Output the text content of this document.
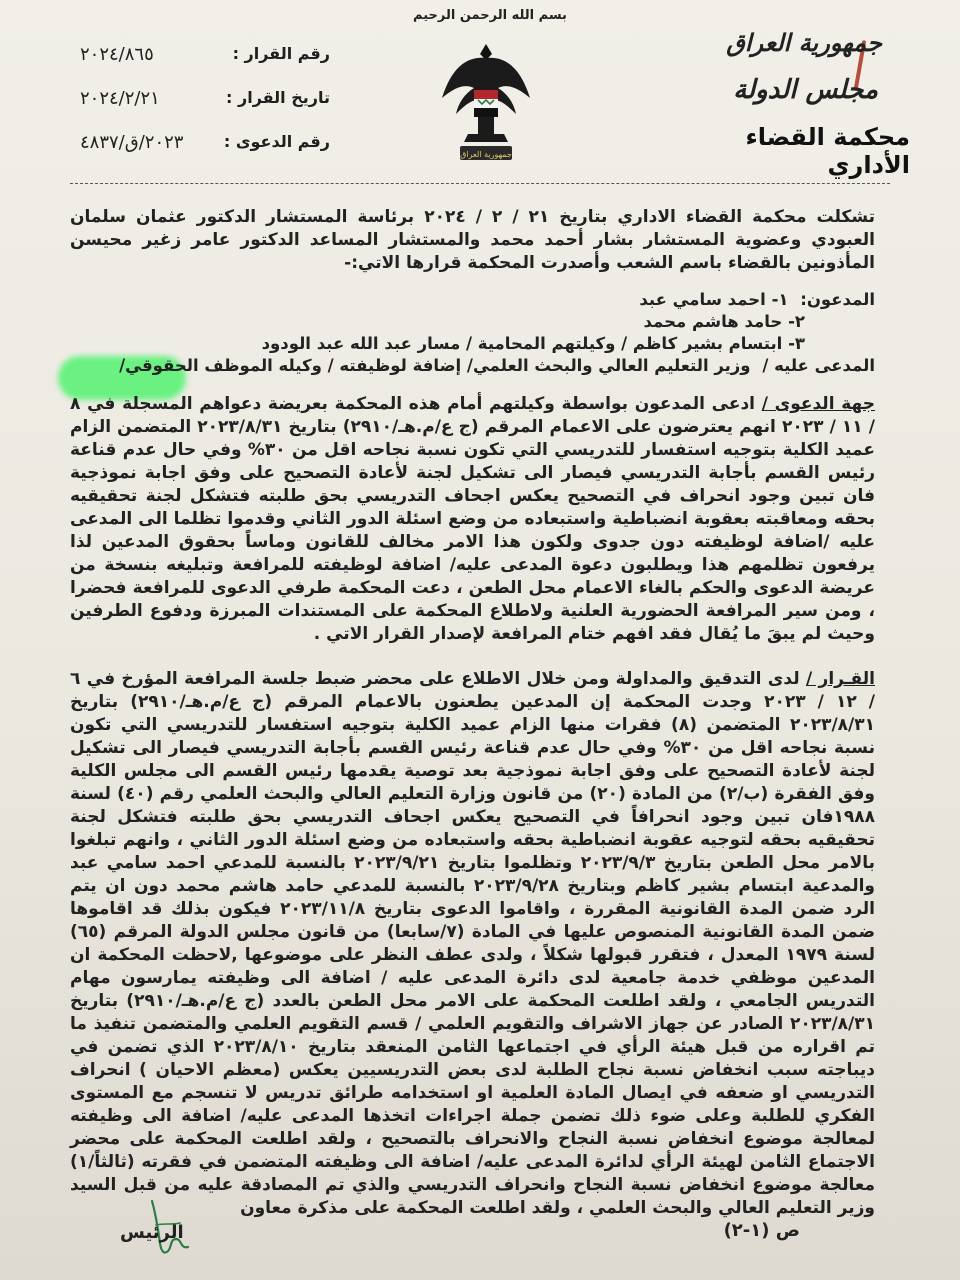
بسم الله الرحمن الرحيم
جمهورية العراق
مجلس الدولة
محكمة القضاء الأداري
جمهورية العراق
رقم القرار :
٢٠٢٤/٨٦٥
تاريخ القرار :
٢٠٢٤/٢/٢١
رقم الدعوى :
٢٠٢٣/ق/٤٨٣٧

تشكلت محكمة القضاء الاداري بتاريخ ٢١ / ٢ / ٢٠٢٤ برئاسة المستشار الدكتور عثمان سلمان العبودي وعضوية المستشار بشار أحمد محمد والمستشار المساعد الدكتور عامر زغير محيسن المأذونين بالقضاء باسم الشعب وأصدرت المحكمة قرارها الاتي:-

المدعون: ١- احمد سامي عبد

٢- حامد هاشم محمد

٣- ابتسام بشير كاظم / وكيلتهم المحامية / مسار عبد الله عبد الودود

المدعى عليه / وزير التعليم العالي والبحث العلمي/ إضافة لوظيفته / وكيله الموظف الحقوقي/

جهة الدعوى / ادعى المدعون بواسطة وكيلتهم أمام هذه المحكمة بعريضة دعواهم المسجلة في ٨ / ١١ / ٢٠٢٣ انهم يعترضون على الاعمام المرقم (ج ع/م.هـ/٢٩١٠) بتاريخ ٢٠٢٣/٨/٣١ المتضمن الزام عميد الكلية بتوجيه استفسار للتدريسي التي تكون نسبة نجاحه اقل من ٣٠% وفي حال عدم قناعة رئيس القسم بأجابة التدريسي فيصار الى تشكيل لجنة لأعادة التصحيح على وفق اجابة نموذجية فان تبين وجود انحراف في التصحيح يعكس اجحاف التدريسي بحق طلبته فتشكل لجنة تحقيقيه بحقه ومعاقبته بعقوبة انضباطية واستبعاده من وضع اسئلة الدور الثاني وقدموا تظلما الى المدعى عليه /اضافة لوظيفته دون جدوى ولكون هذا الامر مخالف للقانون وماساً بحقوق المدعين لذا يرفعون تظلمهم هذا ويطلبون دعوة المدعى عليه/ اضافة لوظيفته للمرافعة وتبليغه بنسخة من عريضة الدعوى والحكم بالغاء الاعمام محل الطعن ، دعت المحكمة طرفي الدعوى للمرافعة فحضرا ، ومن سير المرافعة الحضورية العلنية ولاطلاع المحكمة على المستندات المبرزة ودفوع الطرفين وحيث لم يبقَ ما يُقال فقد افهم ختام المرافعة لإصدار القرار الاتي .

القـرار / لدى التدقيق والمداولة ومن خلال الاطلاع على محضر ضبط جلسة المرافعة المؤرخ في ٦ / ١٢ / ٢٠٢٣ وجدت المحكمة إن المدعين يطعنون بالاعمام المرقم (ج ع/م.هـ/٢٩١٠) بتاريخ ٢٠٢٣/٨/٣١ المتضمن (٨) فقرات منها الزام عميد الكلية بتوجيه استفسار للتدريسي التي تكون نسبة نجاحه اقل من ٣٠% وفي حال عدم قناعة رئيس القسم بأجابة التدريسي فيصار الى تشكيل لجنة لأعادة التصحيح على وفق اجابة نموذجية بعد توصية يقدمها رئيس القسم الى مجلس الكلية وفق الفقرة (ب/٢) من المادة (٢٠) من قانون وزارة التعليم العالي والبحث العلمي رقم (٤٠) لسنة ١٩٨٨فان تبين وجود انحرافاً في التصحيح يعكس اجحاف التدريسي بحق طلبته فتشكل لجنة تحقيقيه بحقه لتوجيه عقوبة انضباطية بحقه واستبعاده من وضع اسئلة الدور الثاني ، وانهم تبلغوا بالامر محل الطعن بتاريخ ٢٠٢٣/٩/٣ وتظلموا بتاريخ ٢٠٢٣/٩/٢١ بالنسبة للمدعي احمد سامي عبد والمدعية ابتسام بشير كاظم وبتاريخ ٢٠٢٣/٩/٢٨ بالنسبة للمدعي حامد هاشم محمد دون ان يتم الرد ضمن المدة القانونية المقررة ، واقاموا الدعوى بتاريخ ٢٠٢٣/١١/٨ فيكون بذلك قد اقاموها ضمن المدة القانونية المنصوص عليها في المادة (٧/سابعا) من قانون مجلس الدولة المرقم (٦٥) لسنة ١٩٧٩ المعدل ، فتقرر قبولها شكلاً ، ولدى عطف النظر على موضوعها ,لاحظت المحكمة ان المدعين موظفي خدمة جامعية لدى دائرة المدعى عليه / اضافة الى وظيفته يمارسون مهام التدريس الجامعي ، ولقد اطلعت المحكمة على الامر محل الطعن بالعدد (ج ع/م.هـ/٢٩١٠) بتاريخ ٢٠٢٣/٨/٣١ الصادر عن جهاز الاشراف والتقويم العلمي / قسم التقويم العلمي والمتضمن تنفيذ ما تم اقراره من قبل هيئة الرأي في اجتماعها الثامن المنعقد بتاريخ ٢٠٢٣/٨/١٠ الذي تضمن في ديباجته سبب انخفاض نسبة نجاح الطلبة لدى بعض التدريسيين يعكس (معظم الاحيان ) انحراف التدريسي او ضعفه في ايصال المادة العلمية او استخدامه طرائق تدريس لا تنسجم مع المستوى الفكري للطلبة وعلى ضوء ذلك تضمن جملة اجراءات اتخذها المدعى عليه/ اضافة الى وظيفته لمعالجة موضوع انخفاض نسبة النجاح والانحراف بالتصحيح ، ولقد اطلعت المحكمة على محضر الاجتماع الثامن لهيئة الرأي لدائرة المدعى عليه/ اضافة الى وظيفته المتضمن في فقرته (ثالثاً/١) معالجة موضوع انخفاض نسبة النجاح وانحراف التدريسي والذي تم المصادقة عليه من قبل السيد وزير التعليم العالي والبحث العلمي ، ولقد اطلعت المحكمة على مذكرة معاون

الرئيس	ص (١-٢)
